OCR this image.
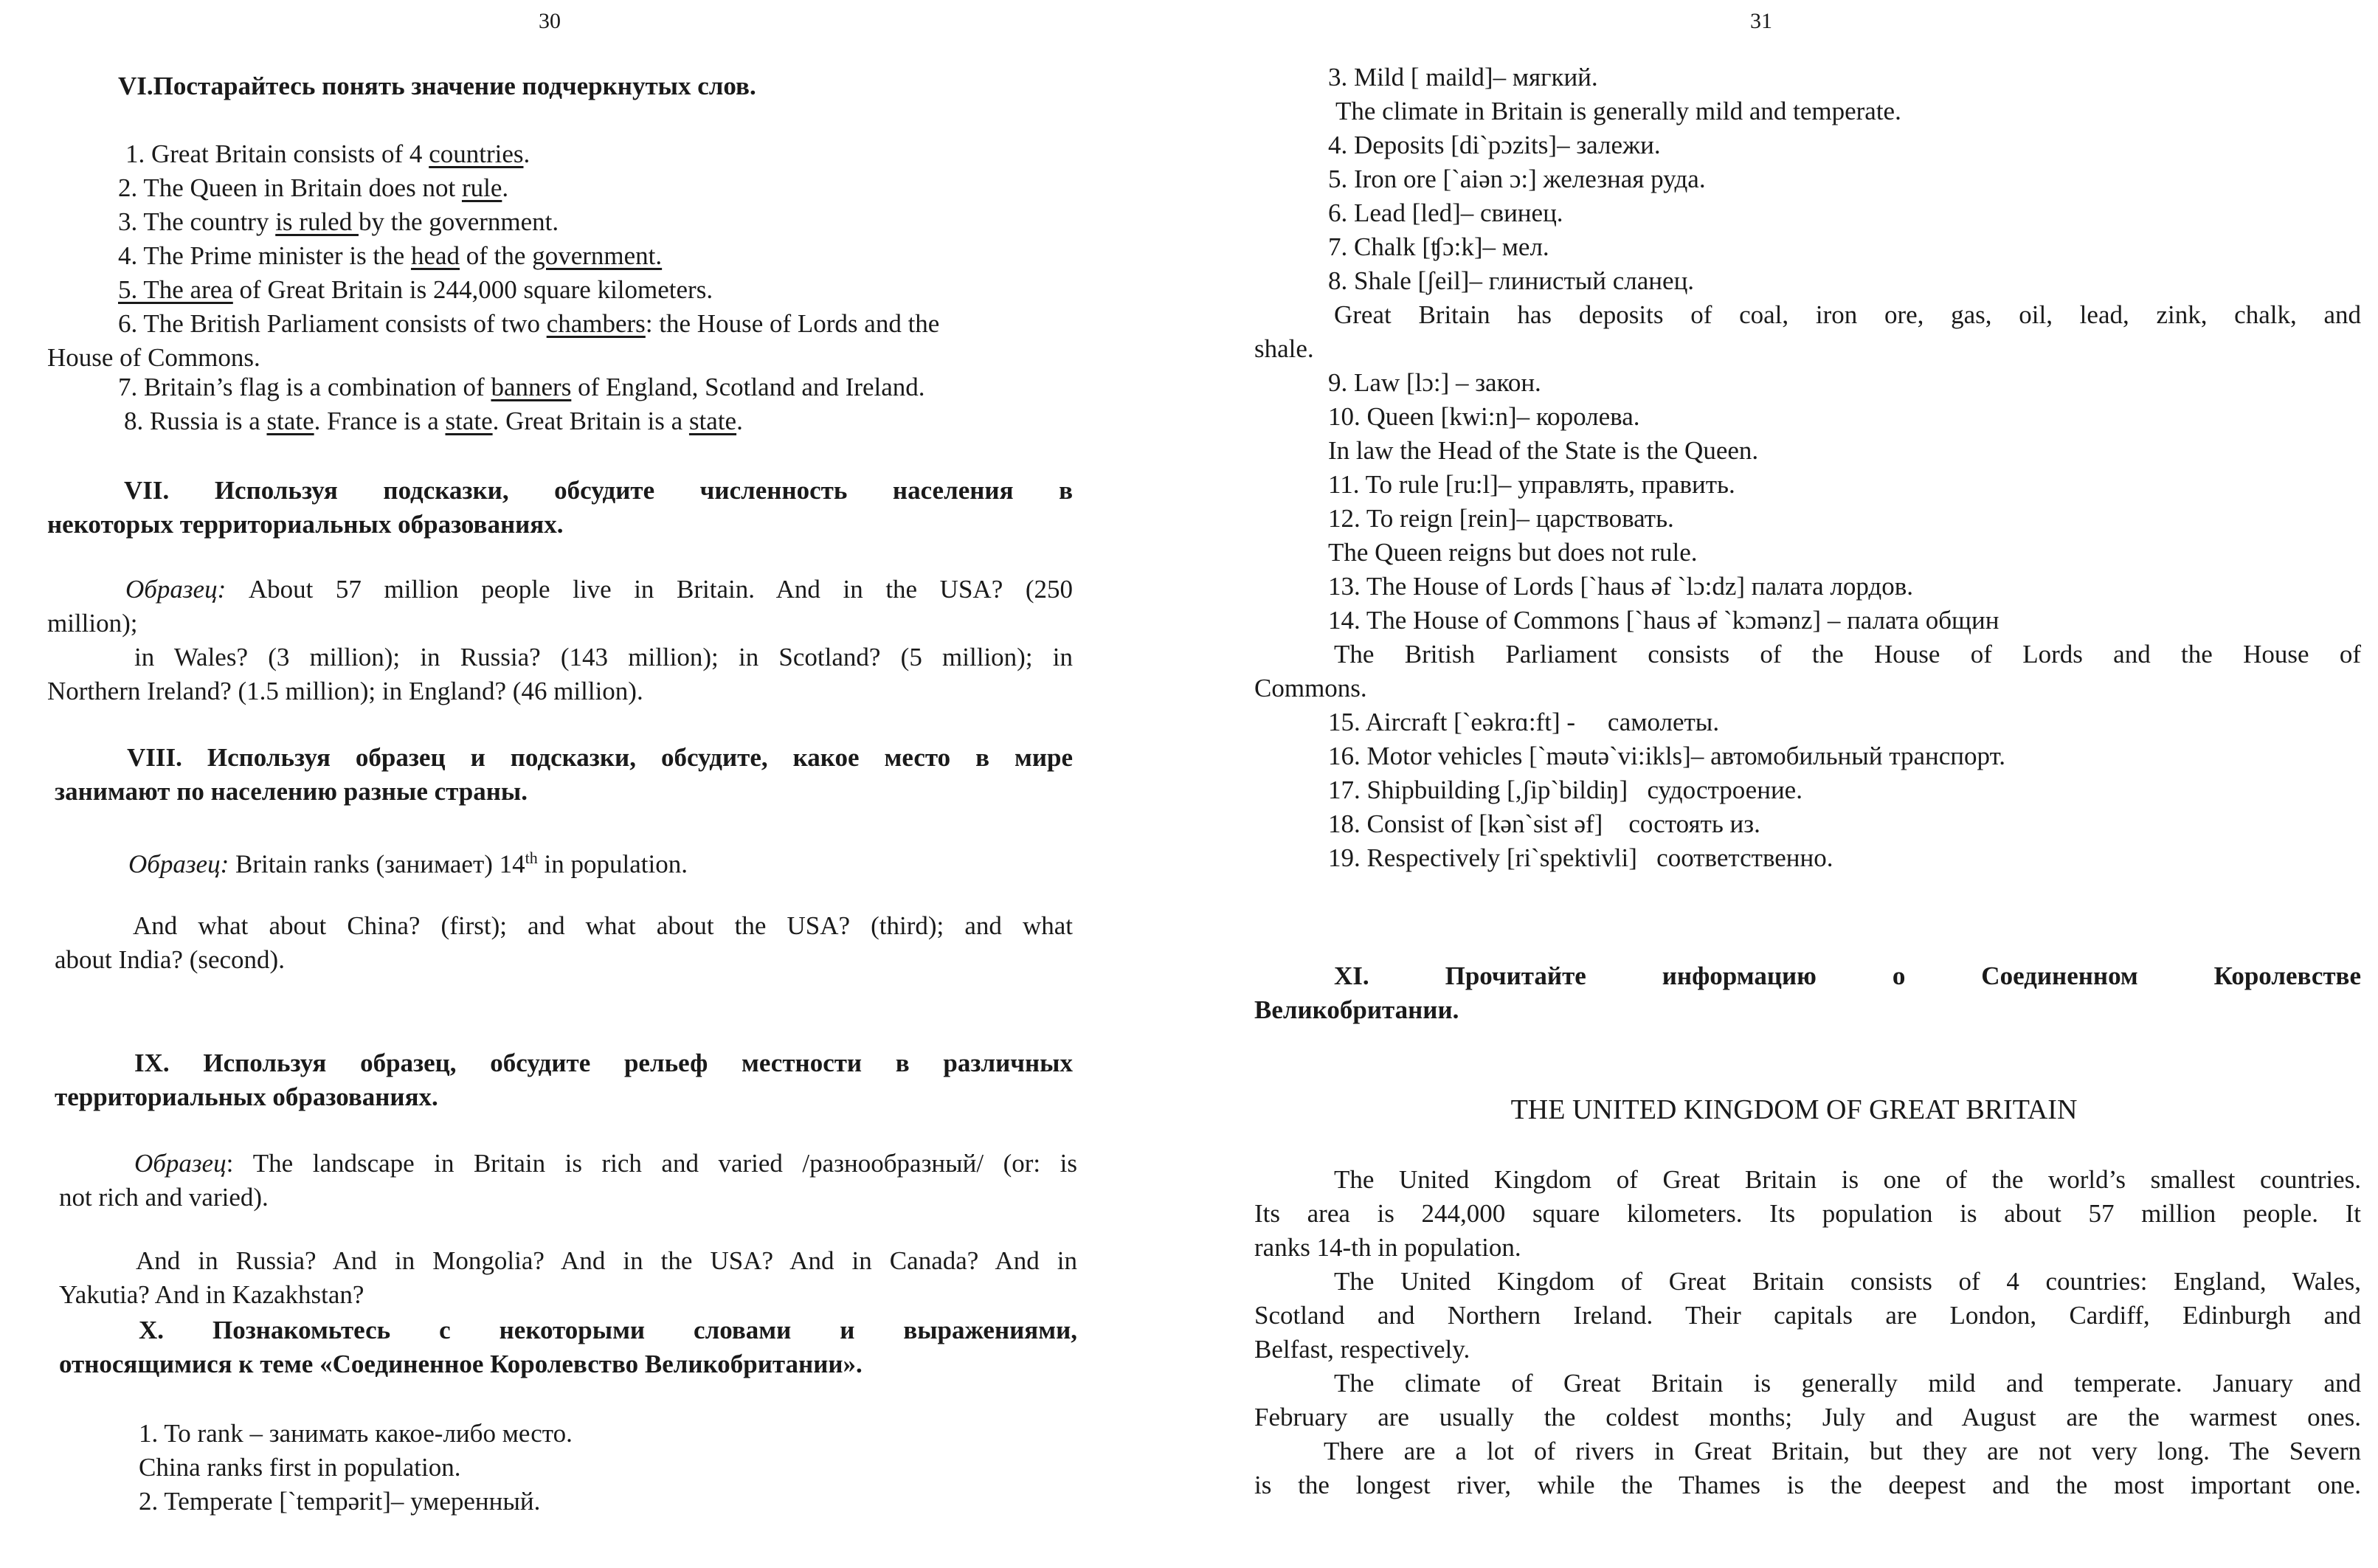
30

VI.Постарайтесь понять значение подчеркнутых слов.

1. Great Britain consists of 4 countries.

2. The Queen in Britain does not rule.

3. The country is ruled by the government.

4. The Prime minister is the head of the government.

5. The area of Great Britain is 244,000 square kilometers.

6. The British Parliament consists of two chambers: the House of Lords and the

House of Commons.

7. Britain’s flag is a combination of banners of England, Scotland and Ireland.

8. Russia is a state. France is a state. Great Britain is a state.

VII. Используя подсказки, обсудите численность населения в

некоторых территориальных образованиях.

Образец: About 57 million people live in Britain. And in the USA? (250

million);

in Wales? (3 million); in Russia? (143 million); in Scotland? (5 million); in

Northern Ireland? (1.5 million); in England? (46 million).

VIII. Используя образец и подсказки, обсудите, какое место в мире

занимают по населению разные страны.

Образец: Britain ranks (занимает) 14th in population.

And what about China? (first); and what about the USA? (third); and what

about India? (second).

IX. Используя образец, обсудите рельеф местности в различных

территориальных образованиях.

Образец: The landscape in Britain is rich and varied /разнообразный/ (or: is

not rich and varied).

And in Russia? And in Mongolia? And in the USA? And in Canada? And in

Yakutia? And in Kazakhstan?

X. Познакомьтесь с некоторыми словами и выражениями,

относящимися к теме «Соединенное Королевство Великобритании».

1. To rank – занимать какое-либо место.

China ranks first in population.

2. Temperate [`tempərit]– умеренный.

31

3. Mild [ maild]– мягкий.

The climate in Britain is generally mild and temperate.

4. Deposits [di`pɔzits]– залежи.

5. Iron ore [`aiən ɔ:] железная руда.

6. Lead [led]– свинец.

7. Chalk [ʧɔ:k]– мел.

8. Shale [ʃeil]– глинистый сланец.

Great Britain has deposits of coal, iron ore, gas, oil, lead, zink, chalk, and

shale.

9. Law [lɔ:] – закон.

10. Queen [kwi:n]– королева.

In law the Head of the State is the Queen.

11. To rule [ru:l]– управлять, править.

12. To reign [rein]– царствовать.

The Queen reigns but does not rule.

13. The House of Lords [`haus əf `lɔ:dz] палата лордов.

14. The House of Commons [`haus əf `kɔmənz] – палата общин

The British Parliament consists of the House of Lords and the House of

Commons.

15. Aircraft [`eəkrɑ:ft] -     самолеты.

16. Motor vehicles [`məutə`vi:ikls]– автомобильный транспорт.

17. Shipbuilding [,ʃip`bildiŋ]   судостроение.

18. Consist of [kən`sist əf]    состоять из.

19. Respectively [ri`spektivli]   соответственно.

XI. Прочитайте информацию о Соединенном Королевстве

Великобритании.

THE UNITED KINGDOM OF GREAT BRITAIN

The United Kingdom of Great Britain is one of the world’s smallest countries.

Its area is 244,000 square kilometers. Its population is about 57 million people. It

ranks 14-th in population.

The United Kingdom of Great Britain consists of 4 countries: England, Wales,

Scotland and Northern Ireland. Their capitals are London, Cardiff, Edinburgh and

Belfast, respectively.

The climate of Great Britain is generally mild and temperate. January and

February are usually the coldest months; July and August are the warmest ones.

There are a lot of rivers in Great Britain, but they are not very long. The Severn

is the longest river, while the Thames is the deepest and the most important one.
